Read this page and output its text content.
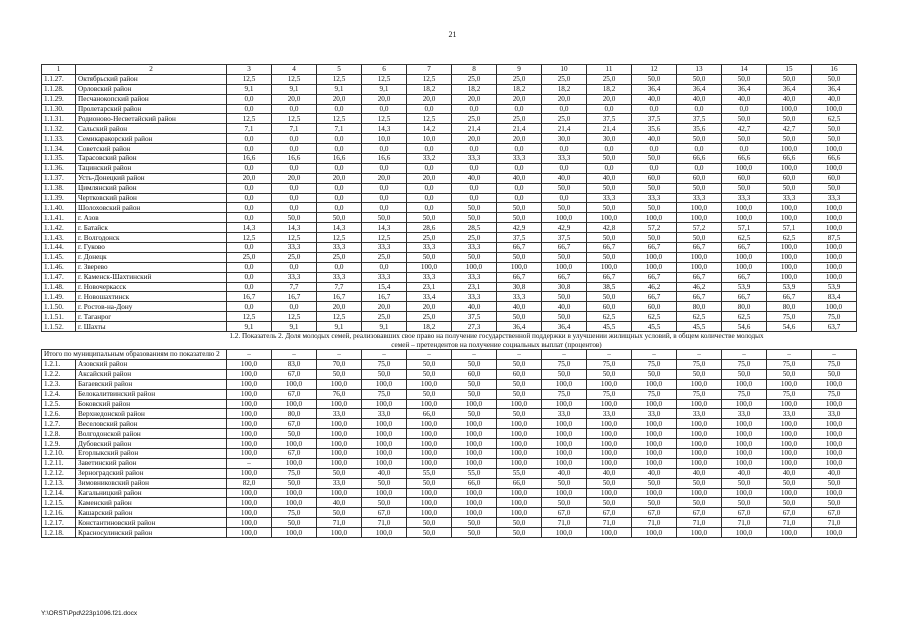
21
1	2	3	4	5	6	7	8	9	10	11	12	13	14	15	16
1.1.27.	Октябрьский район	12,5	12,5	12,5	12,5	12,5	25,0	25,0	25,0	25,0	50,0	50,0	50,0	50,0	50,0
1.1.28.	Орловский район	9,1	9,1	9,1	9,1	18,2	18,2	18,2	18,2	18,2	36,4	36,4	36,4	36,4	36,4
1.1.29.	Песчанокопский район	0,0	20,0	20,0	20,0	20,0	20,0	20,0	20,0	20,0	40,0	40,0	40,0	40,0	40,0
1.1.30.	Пролетарский район	0,0	0,0	0,0	0,0	0,0	0,0	0,0	0,0	0,0	0,0	0,0	0,0	100,0	100,0
1.1.31.	Родионово-Несветайский район	12,5	12,5	12,5	12,5	12,5	25,0	25,0	25,0	37,5	37,5	37,5	50,0	50,0	62,5
1.1.32.	Сальский район	7,1	7,1	7,1	14,3	14,2	21,4	21,4	21,4	21,4	35,6	35,6	42,7	42,7	50,0
1.1.33.	Семикаракорский район	0,0	0,0	0,0	10,0	10,0	20,0	20,0	30,0	30,0	40,0	50,0	50,0	50,0	50,0
1.1.34.	Советский район	0,0	0,0	0,0	0,0	0,0	0,0	0,0	0,0	0,0	0,0	0,0	0,0	100,0	100,0
1.1.35.	Тарасовский район	16,6	16,6	16,6	16,6	33,2	33,3	33,3	33,3	50,0	50,0	66,6	66,6	66,6	66,6
1.1.36.	Тацинский район	0,0	0,0	0,0	0,0	0,0	0,0	0,0	0,0	0,0	0,0	0,0	100,0	100,0	100,0
1.1.37.	Усть-Донецкий район	20,0	20,0	20,0	20,0	20,0	40,0	40,0	40,0	40,0	60,0	60,0	60,0	60,0	60,0
1.1.38.	Цимлянский район	0,0	0,0	0,0	0,0	0,0	0,0	0,0	50,0	50,0	50,0	50,0	50,0	50,0	50,0
1.1.39.	Чертковский район	0,0	0,0	0,0	0,0	0,0	0,0	0,0	0,0	33,3	33,3	33,3	33,3	33,3	33,3
1.1.40.	Шолоховский район	0,0	0,0	0,0	0,0	0,0	50,0	50,0	50,0	50,0	50,0	100,0	100,0	100,0	100,0
1.1.41.	г. Азов	0,0	50,0	50,0	50,0	50,0	50,0	50,0	100,0	100,0	100,0	100,0	100,0	100,0	100,0
1.1.42.	г. Батайск	14,3	14,3	14,3	14,3	28,6	28,5	42,9	42,9	42,8	57,2	57,2	57,1	57,1	100,0
1.1.43.	г. Волгодонск	12,5	12,5	12,5	12,5	25,0	25,0	37,5	37,5	50,0	50,0	50,0	62,5	62,5	87,5
1.1.44.	г. Гуково	0,0	33,3	33,3	33,3	33,3	33,3	66,7	66,7	66,7	66,7	66,7	66,7	100,0	100,0
1.1.45.	г. Донецк	25,0	25,0	25,0	25,0	50,0	50,0	50,0	50,0	50,0	100,0	100,0	100,0	100,0	100,0
1.1.46.	г. Зверево	0,0	0,0	0,0	0,0	100,0	100,0	100,0	100,0	100,0	100,0	100,0	100,0	100,0	100,0
1.1.47.	г. Каменск-Шахтинский	0,0	33,3	33,3	33,3	33,3	33,3	66,7	66,7	66,7	66,7	66,7	66,7	100,0	100,0
1.1.48.	г. Новочеркасск	0,0	7,7	7,7	15,4	23,1	23,1	30,8	30,8	38,5	46,2	46,2	53,9	53,9	53,9
1.1.49.	г. Новошахтинск	16,7	16,7	16,7	16,7	33,4	33,3	33,3	50,0	50,0	66,7	66,7	66,7	66,7	83,4
1.1.50.	г. Ростов-на-Дону	0,0	0,0	20,0	20,0	20,0	40,0	40,0	40,0	60,0	60,0	80,0	80,0	80,0	100,0
1.1.51.	г. Таганрог	12,5	12,5	12,5	25,0	25,0	37,5	50,0	50,0	62,5	62,5	62,5	62,5	75,0	75,0
1.1.52.	г. Шахты	9,1	9,1	9,1	9,1	18,2	27,3	36,4	36,4	45,5	45,5	45,5	54,6	54,6	63,7
		1.2. Показатель 2. Доля молодых семей, реализовавших свое право на получение государственной поддержки в улучшении жилищных условий, в общем количестве молодых семей – претендентов на получение социальных выплат (процентов)													
Итого по муниципальным образованиям по показателю 2		–	–	–	–	–	–	–	–	–	–	–	–	–	–
1.2.1.	Азовский район	100,0	83,0	70,0	75,0	50,0	50,0	50,0	75,0	75,0	75,0	75,0	75,0	75,0	75,0
1.2.2.	Аксайский район	100,0	67,0	50,0	50,0	50,0	60,0	60,0	50,0	50,0	50,0	50,0	50,0	50,0	50,0
1.2.3.	Багаевский район	100,0	100,0	100,0	100,0	100,0	50,0	50,0	100,0	100,0	100,0	100,0	100,0	100,0	100,0
1.2.4.	Белокалитвинский район	100,0	67,0	76,0	75,0	50,0	50,0	50,0	75,0	75,0	75,0	75,0	75,0	75,0	75,0
1.2.5.	Боковский район	100,0	100,0	100,0	100,0	100,0	100,0	100,0	100,0	100,0	100,0	100,0	100,0	100,0	100,0
1.2.6.	Верхнедонской район	100,0	80,0	33,0	33,0	66,0	50,0	50,0	33,0	33,0	33,0	33,0	33,0	33,0	33,0
1.2.7.	Веселовский район	100,0	67,0	100,0	100,0	100,0	100,0	100,0	100,0	100,0	100,0	100,0	100,0	100,0	100,0
1.2.8.	Волгодонской район	100,0	50,0	100,0	100,0	100,0	100,0	100,0	100,0	100,0	100,0	100,0	100,0	100,0	100,0
1.2.9.	Дубовский район	100,0	100,0	100,0	100,0	100,0	100,0	100,0	100,0	100,0	100,0	100,0	100,0	100,0	100,0
1.2.10.	Егорлыкский район	100,0	67,0	100,0	100,0	100,0	100,0	100,0	100,0	100,0	100,0	100,0	100,0	100,0	100,0
1.2.11.	Заветинский район	–	100,0	100,0	100,0	100,0	100,0	100,0	100,0	100,0	100,0	100,0	100,0	100,0	100,0
1.2.12.	Зерноградский район	100,0	75,0	50,0	40,0	55,0	55,0	55,0	40,0	40,0	40,0	40,0	40,0	40,0	40,0
1.2.13.	Зимовниковский район	82,0	50,0	33,0	50,0	50,0	66,0	66,0	50,0	50,0	50,0	50,0	50,0	50,0	50,0
1.2.14.	Кагальницкий район	100,0	100,0	100,0	100,0	100,0	100,0	100,0	100,0	100,0	100,0	100,0	100,0	100,0	100,0
1.2.15.	Каменский район	100,0	100,0	40,0	50,0	100,0	100,0	100,0	50,0	50,0	50,0	50,0	50,0	50,0	50,0
1.2.16.	Кашарский район	100,0	75,0	50,0	67,0	100,0	100,0	100,0	67,0	67,0	67,0	67,0	67,0	67,0	67,0
1.2.17.	Константиновский район	100,0	50,0	71,0	71,0	50,0	50,0	50,0	71,0	71,0	71,0	71,0	71,0	71,0	71,0
1.2.18.	Красносулинский район	100,0	100,0	100,0	100,0	50,0	50,0	50,0	100,0	100,0	100,0	100,0	100,0	100,0	100,0
Y:\ORST\Ppd\223p1096.f21.docx
